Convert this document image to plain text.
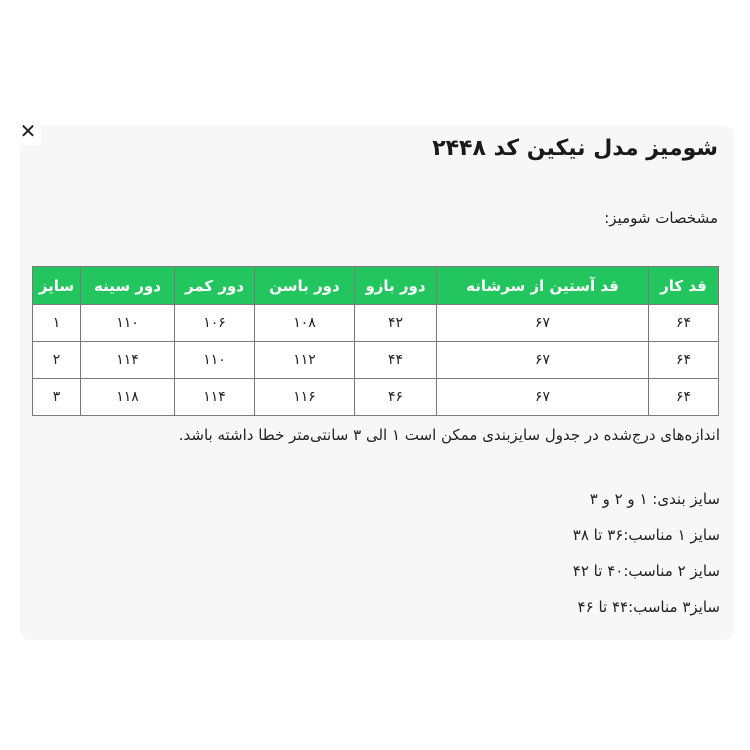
✕
شومیز مدل نیکین کد ۲۴۴۸
مشخصات شومیز:
قد کار	قد آستین از سرشانه	دور بازو	دور باسن	دور کمر	دور سینه	سایز
۶۴	۶۷	۴۲	۱۰۸	۱۰۶	۱۱۰	۱
۶۴	۶۷	۴۴	۱۱۲	۱۱۰	۱۱۴	۲
۶۴	۶۷	۴۶	۱۱۶	۱۱۴	۱۱۸	۳
اندازه‌های درج‌شده در جدول سایزبندی ممکن است ۱ الی ۳ سانتی‌متر خطا داشته باشد.
سایز بندی: ۱ و ۲ و ۳
سایز ۱ مناسب:۳۶ تا ۳۸
سایز ۲ مناسب:۴۰ تا ۴۲
سایز۳ مناسب:۴۴ تا ۴۶
